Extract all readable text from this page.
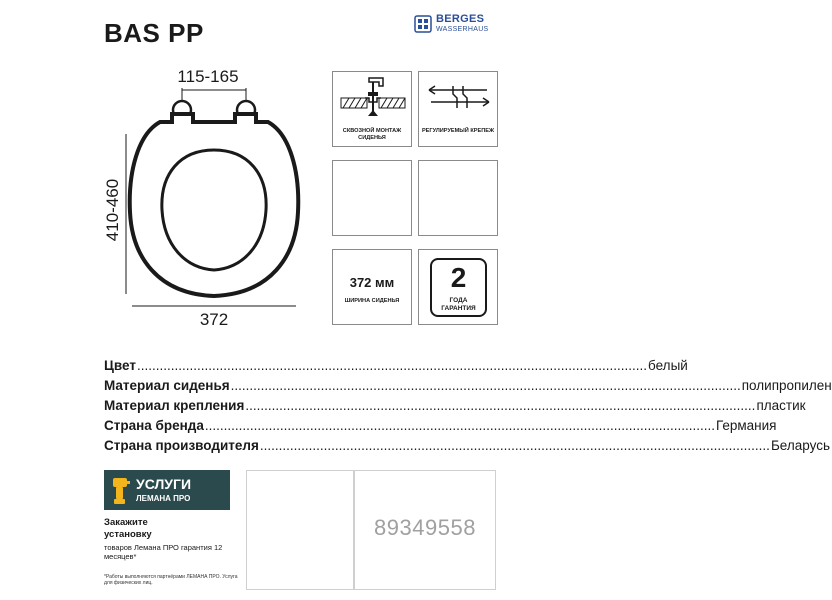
BAS PP	BERGES
WASSERHAUS
115-165
410-460
372
СКВОЗНОЙ МОНТАЖ СИДЕНЬЯ
РЕГУЛИРУЕМЫЙ КРЕПЕЖ
372 мм
ШИРИНА СИДЕНЬЯ
2
ГОДА ГАРАНТИЯ
Цвет ........................................................................................................................................ белый
Материал сиденья ........................................................................................................................................ полипропилен
Материал крепления ........................................................................................................................................ пластик
Страна бренда ........................................................................................................................................ Германия
Страна производителя ........................................................................................................................................ Беларусь
УСЛУГИ
ЛЕМАНА ПРО
Закажите установку
товаров Лемана ПРО гарантия 12 месяцев*
*Работы выполняются партнёрами ЛЕМАНА ПРО. Услуга для физических лиц.
89349558
